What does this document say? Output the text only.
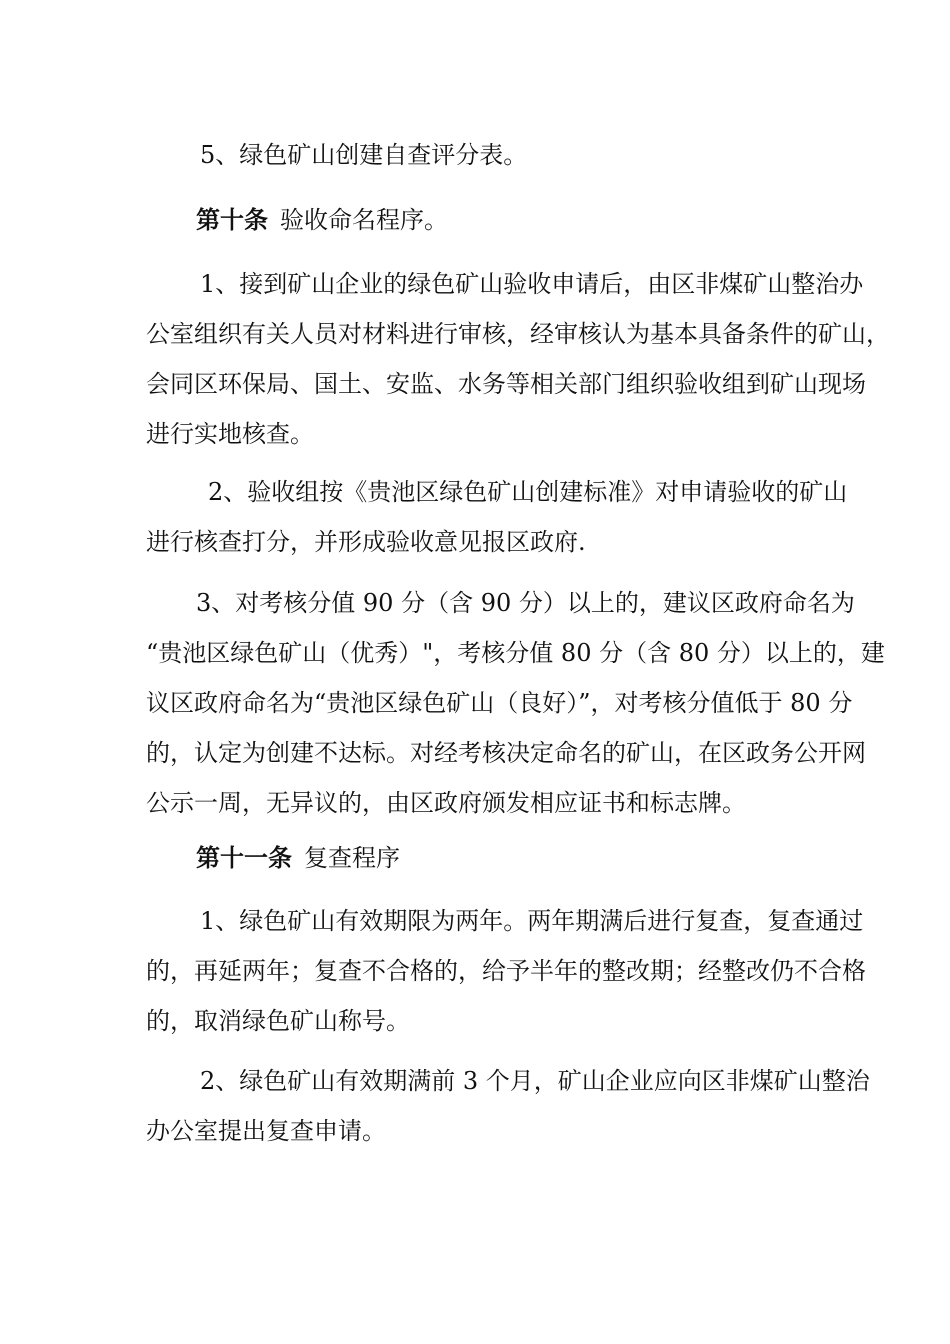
5、绿色矿山创建自查评分表。

第十条 验收命名程序。

1、接到矿山企业的绿色矿山验收申请后，由区非煤矿山整治办
公室组织有关人员对材料进行审核，经审核认为基本具备条件的矿山，
会同区环保局、国土、安监、水务等相关部门组织验收组到矿山现场
进行实地核查。

2、验收组按《贵池区绿色矿山创建标准》对申请验收的矿山
进行核查打分，并形成验收意见报区政府.

3、对考核分值 90 分（含 90 分）以上的，建议区政府命名为
“贵池区绿色矿山（优秀）"，考核分值 80 分（含 80 分）以上的，建
议区政府命名为“贵池区绿色矿山（良好）”，对考核分值低于 80 分
的，认定为创建不达标。对经考核决定命名的矿山，在区政务公开网
公示一周，无异议的，由区政府颁发相应证书和标志牌。

第十一条 复查程序

1、绿色矿山有效期限为两年。两年期满后进行复查，复查通过
的，再延两年；复查不合格的，给予半年的整改期；经整改仍不合格
的，取消绿色矿山称号。

2、绿色矿山有效期满前 3 个月，矿山企业应向区非煤矿山整治
办公室提出复查申请。
